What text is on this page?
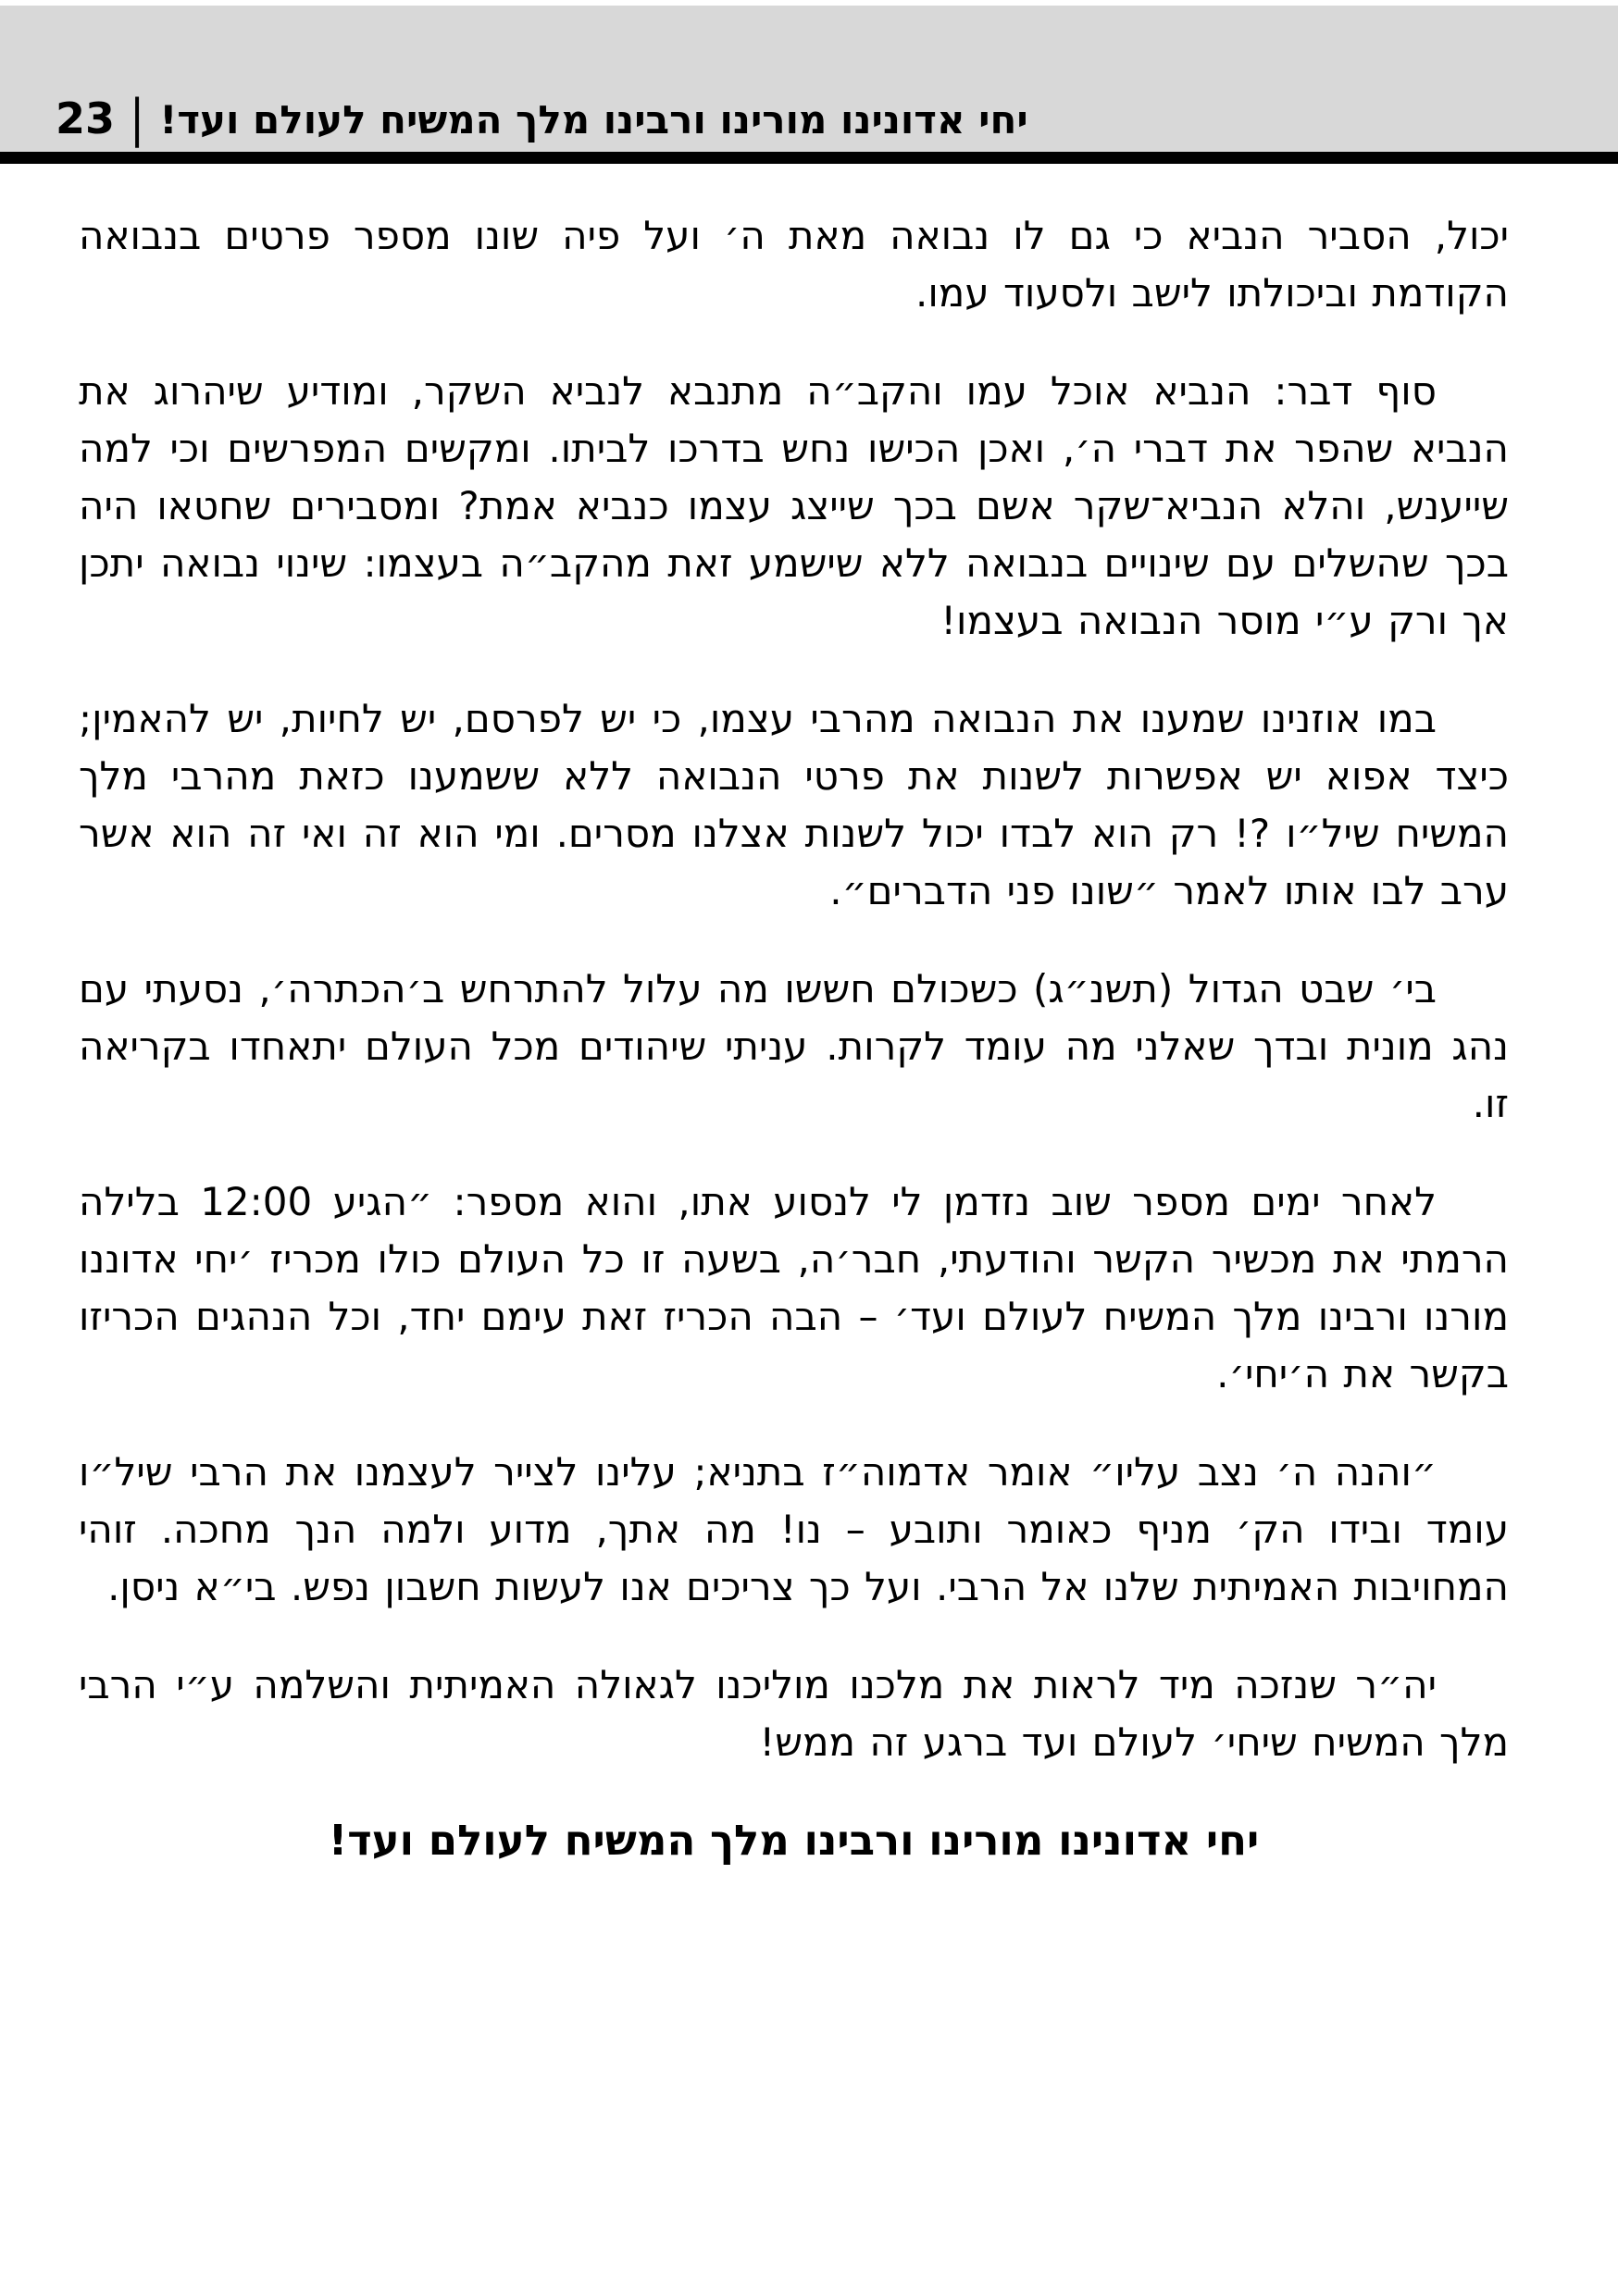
23 | יחי אדונינו מורינו ורבינו מלך המשיח לעולם ועד!

יכול, הסביר הנביא כי גם לו נבואה מאת ה׳ ועל פיה שונו מספר פרטים בנבואה הקודמת וביכולתו לישב ולסעוד עמו.

סוף דבר: הנביא אוכל עמו והקב״ה מתנבא לנביא השקר, ומודיע שיהרוג את הנביא שהפר את דברי ה׳, ואכן הכישו נחש בדרכו לביתו. ומקשים המפרשים וכי למה שייענש, והלא הנביא־שקר אשם בכך שייצג עצמו כנביא אמת? ומסבירים שחטאו היה בכך שהשלים עם שינויים בנבואה ללא שישמע זאת מהקב״ה בעצמו: שינוי נבואה יתכן אך ורק ע״י מוסר הנבואה בעצמו!

במו אוזנינו שמענו את הנבואה מהרבי עצמו, כי יש לפרסם, יש לחיות, יש להאמין; כיצד אפוא יש אפשרות לשנות את פרטי הנבואה ללא ששמענו כזאת מהרבי מלך המשיח שיל״ו ?! רק הוא לבדו יכול לשנות אצלנו מסרים. ומי הוא זה ואי זה הוא אשר ערב לבו אותו לאמר ״שונו פני הדברים״.

בי׳ שבט הגדול (תשנ״ג) כשכולם חששו מה עלול להתרחש ב׳הכתרה׳, נסעתי עם נהג מונית ובדך שאלני מה עומד לקרות. עניתי שיהודים מכל העולם יתאחדו בקריאה זו.

לאחר ימים מספר שוב נזדמן לי לנסוע אתו, והוא מספר: ״הגיע 12:00 בלילה הרמתי את מכשיר הקשר והודעתי, חבר׳ה, בשעה זו כל העולם כולו מכריז ׳יחי אדוננו מורנו ורבינו מלך המשיח לעולם ועד׳ – הבה הכריז זאת עימם יחד, וכל הנהגים הכריזו בקשר את ה׳יחי׳.

״והנה ה׳ נצב עליו״ אומר אדמוה״ז בתניא; עלינו לצייר לעצמנו את הרבי שיל״ו עומד ובידו הק׳ מניף כאומר ותובע – נו! מה אתך, מדוע ולמה הנך מחכה. זוהי המחויבות האמיתית שלנו אל הרבי. ועל כך צריכים אנו לעשות חשבון נפש. בי״א ניסן.

יה״ר שנזכה מיד לראות את מלכנו מוליכנו לגאולה האמיתית והשלמה ע״י הרבי מלך המשיח שיחי׳ לעולם ועד ברגע זה ממש!

יחי אדונינו מורינו ורבינו מלך המשיח לעולם ועד!
